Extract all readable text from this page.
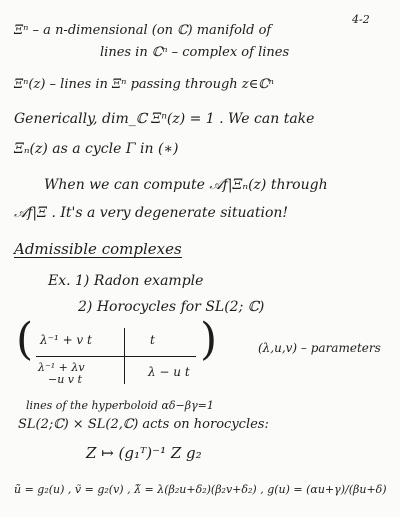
4-2
Ξⁿ – a n-dimensional (on ℂ) manifold of
lines in ℂⁿ – complex of lines
Ξⁿ(z) – lines in Ξⁿ passing through z∈ℂⁿ
Generically, dim_ℂ Ξⁿ(z) = 1 . We can take
Ξₙ(z) as a cycle Γ in (∗)
When we can compute 𝒜f|Ξₙ(z) through
𝒜f|Ξ . It's a very degenerate situation!
Admissible complexes
Ex. 1) Radon example
2) Horocycles for SL(2; ℂ)
( λ⁻¹ + v t	t
λ⁻¹ + λv
−u v t
λ − u t
)	(λ,u,v) – parameters
lines of the hyperboloid αδ−βγ=1
SL(2;ℂ) × SL(2,ℂ) acts on horocycles:
Z ↦ (g₁ᵀ)⁻¹ Z g₂
ũ = g₂(u) , ṽ = g₂(v) , λ̃ = λ(β₂u+δ₂)(β₂v+δ₂) , g(u) = (αu+γ)/(βu+δ)
